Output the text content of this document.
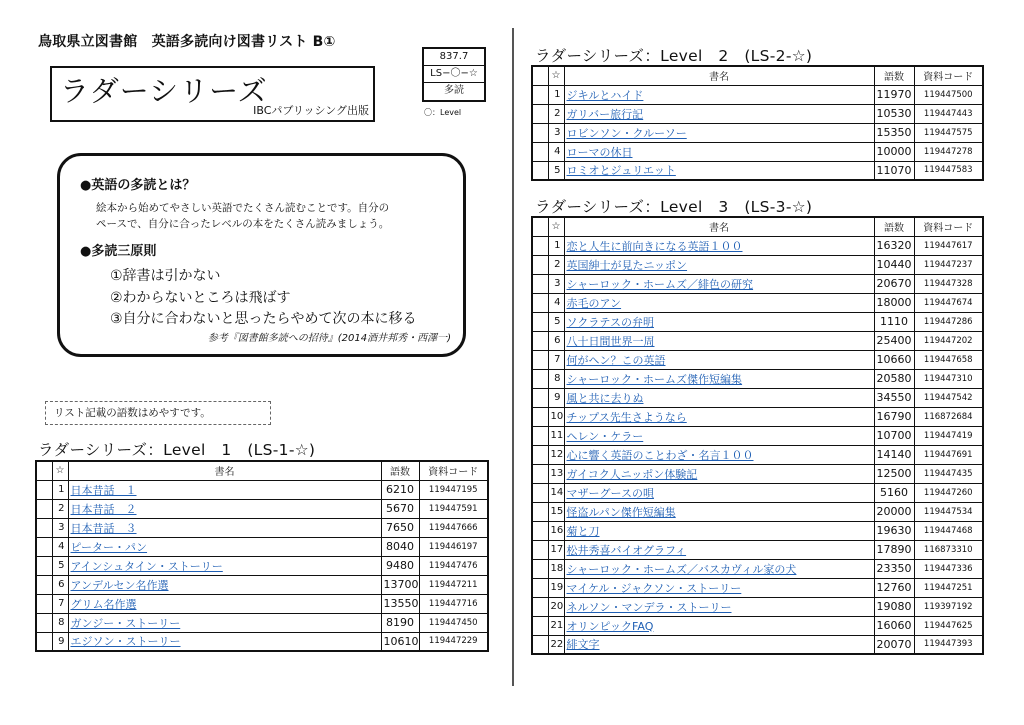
鳥取県立図書館　英語多読向け図書リスト B①
ラダーシリーズ
IBCパブリッシング出版
837.7
LS−〇−☆
多読
〇：Level
●英語の多読とは？
絵本から始めてやさしい英語でたくさん読むことです。自分の
ペースで、自分に合ったレベルの本をたくさん読みましょう。
●多読三原則
①辞書は引かない
②わからないところは飛ばす
③自分に合わないと思ったらやめて次の本に移る
参考『図書館多読への招待』(2014酒井邦秀・西澤一)
リスト記載の語数はめやすです。
ラダーシリーズ：Level　1　(LS-1-☆)
	☆	書名	語数	資料コード
	1	日本昔話　１	6210	119447195
	2	日本昔話　２	5670	119447591
	3	日本昔話　３	7650	119447666
	4	ピーター・パン	8040	119446197
	5	アインシュタイン・ストーリー	9480	119447476
	6	アンデルセン名作選	13700	119447211
	7	グリム名作選	13550	119447716
	8	ガンジー・ストーリー	8190	119447450
	9	エジソン・ストーリー	10610	119447229
ラダーシリーズ：Level　2　(LS-2-☆)
	☆	書名	語数	資料コード
	1	ジキルとハイド	11970	119447500
	2	ガリバー旅行記	10530	119447443
	3	ロビンソン・クルーソー	15350	119447575
	4	ローマの休日	10000	119447278
	5	ロミオとジュリエット	11070	119447583
ラダーシリーズ：Level　3　(LS-3-☆)
	☆	書名	語数	資料コード
	1	恋と人生に前向きになる英語１００	16320	119447617
	2	英国紳士が見たニッポン	10440	119447237
	3	シャーロック・ホームズ／緋色の研究	20670	119447328
	4	赤毛のアン	18000	119447674
	5	ソクラテスの弁明	1110	119447286
	6	八十日間世界一周	25400	119447202
	7	何がヘン？この英語	10660	119447658
	8	シャーロック・ホームズ傑作短編集	20580	119447310
	9	風と共に去りぬ	34550	119447542
	10	チップス先生さようなら	16790	116872684
	11	ヘレン・ケラー	10700	119447419
	12	心に響く英語のことわざ・名言１００	14140	119447691
	13	ガイコク人ニッポン体験記	12500	119447435
	14	マザーグースの唄	5160	119447260
	15	怪盗ルパン傑作短編集	20000	119447534
	16	菊と刀	19630	119447468
	17	松井秀喜バイオグラフィ	17890	116873310
	18	シャーロック・ホームズ／バスカヴィル家の犬	23350	119447336
	19	マイケル・ジャクソン・ストーリー	12760	119447251
	20	ネルソン・マンデラ・ストーリー	19080	119397192
	21	オリンピックFAQ	16060	119447625
	22	緋文字	20070	119447393
